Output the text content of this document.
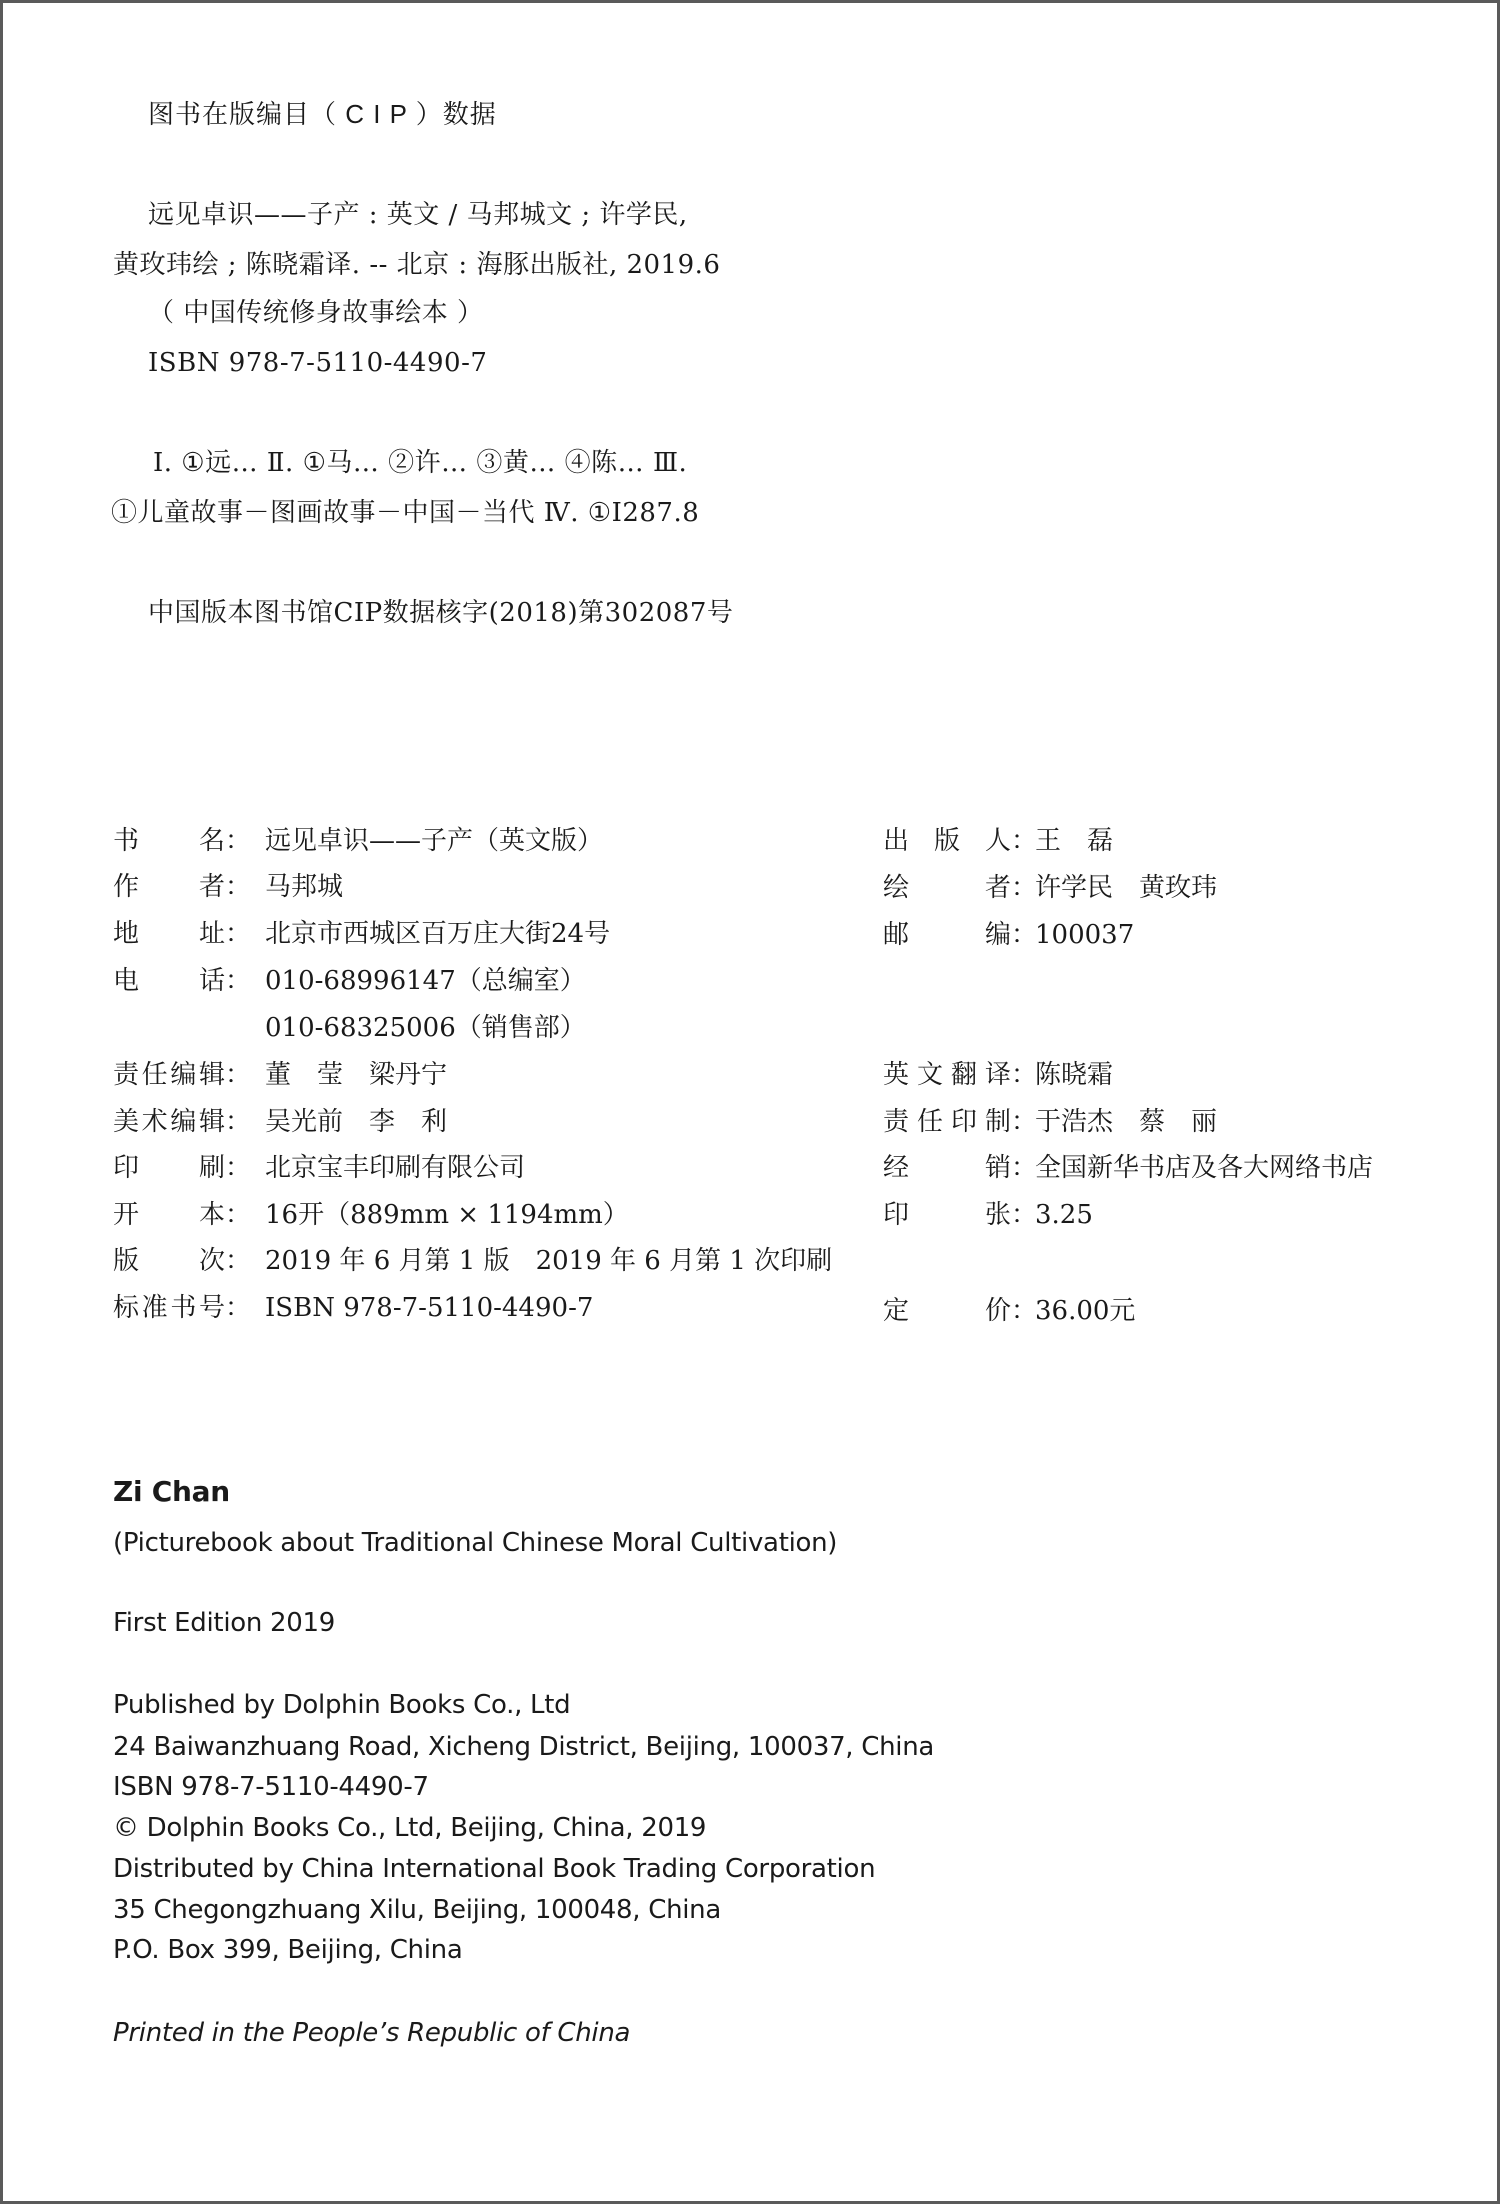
图书在版编目（ C I P ）数据
远见卓识——子产 : 英文 / 马邦城文 ; 许学民,
黄玫玮绘 ; 陈晓霜译. -- 北京 : 海豚出版社, 2019.6
（ 中国传统修身故事绘本 ）
ISBN 978-7-5110-4490-7
Ⅰ. ①远… Ⅱ. ①马… ②许… ③黄… ④陈… Ⅲ.
①儿童故事－图画故事－中国－当代 Ⅳ. ①I287.8
中国版本图书馆CIP数据核字(2018)第302087号
书名： 远见卓识——子产（英文版）
作者： 马邦城
地址： 北京市西城区百万庄大街24号
电话： 010-68996147（总编室）
010-68325006（销售部）
责任编辑： 董　莹　梁丹宁
美术编辑： 吴光前　李　利
印刷： 北京宝丰印刷有限公司
开本： 16开（889mm × 1194mm）
版次： 2019 年 6 月第 1 版　2019 年 6 月第 1 次印刷
标准书号： ISBN 978-7-5110-4490-7
出版人：
王　磊
绘者：
许学民　黄玫玮
邮编：
100037
英文翻译：
陈晓霜
责任印制：
于浩杰　蔡　丽
经销：
全国新华书店及各大网络书店
印张：
3.25
定价：
36.00元
Zi Chan
(Picturebook about Traditional Chinese Moral Cultivation)
First Edition 2019
Published by Dolphin Books Co., Ltd
24 Baiwanzhuang Road, Xicheng District, Beijing, 100037, China
ISBN 978-7-5110-4490-7
© Dolphin Books Co., Ltd, Beijing, China, 2019
Distributed by China International Book Trading Corporation
35 Chegongzhuang Xilu, Beijing, 100048, China
P.O. Box 399, Beijing, China
Printed in the People’s Republic of China
